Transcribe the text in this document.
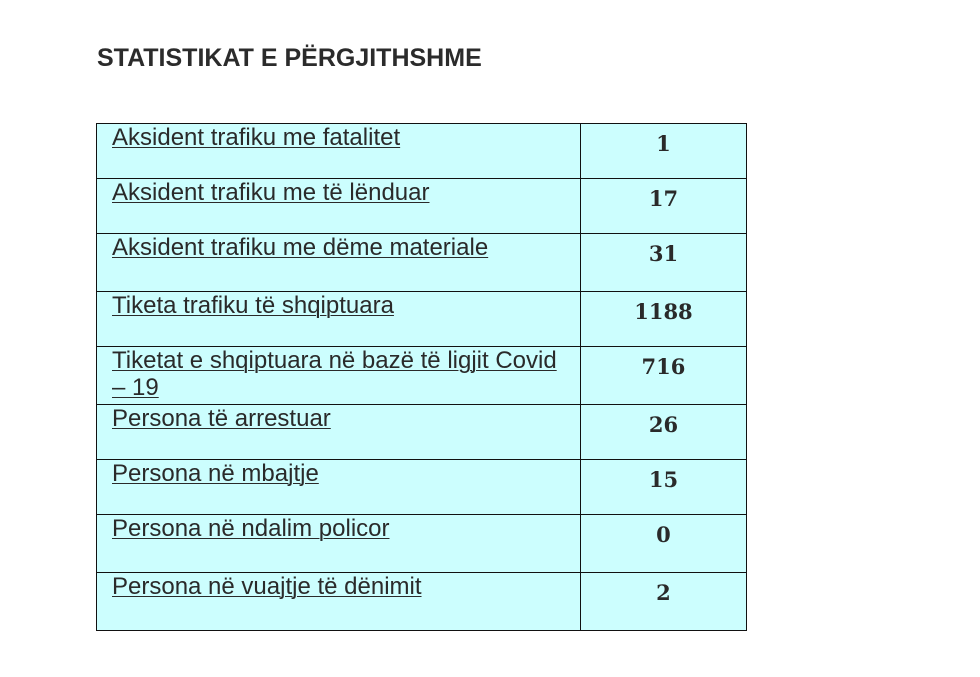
STATISTIKAT E PËRGJITHSHME
Aksident trafiku me fatalitet	1
Aksident trafiku me të lënduar	17
Aksident trafiku me dëme materiale	31
Tiketa trafiku të shqiptuara	1188
Tiketat e shqiptuara në bazë të ligjit Covid – 19	716
Persona të arrestuar	26
Persona në mbajtje	15
Persona në ndalim policor	0
Persona në vuajtje të dënimit	2
